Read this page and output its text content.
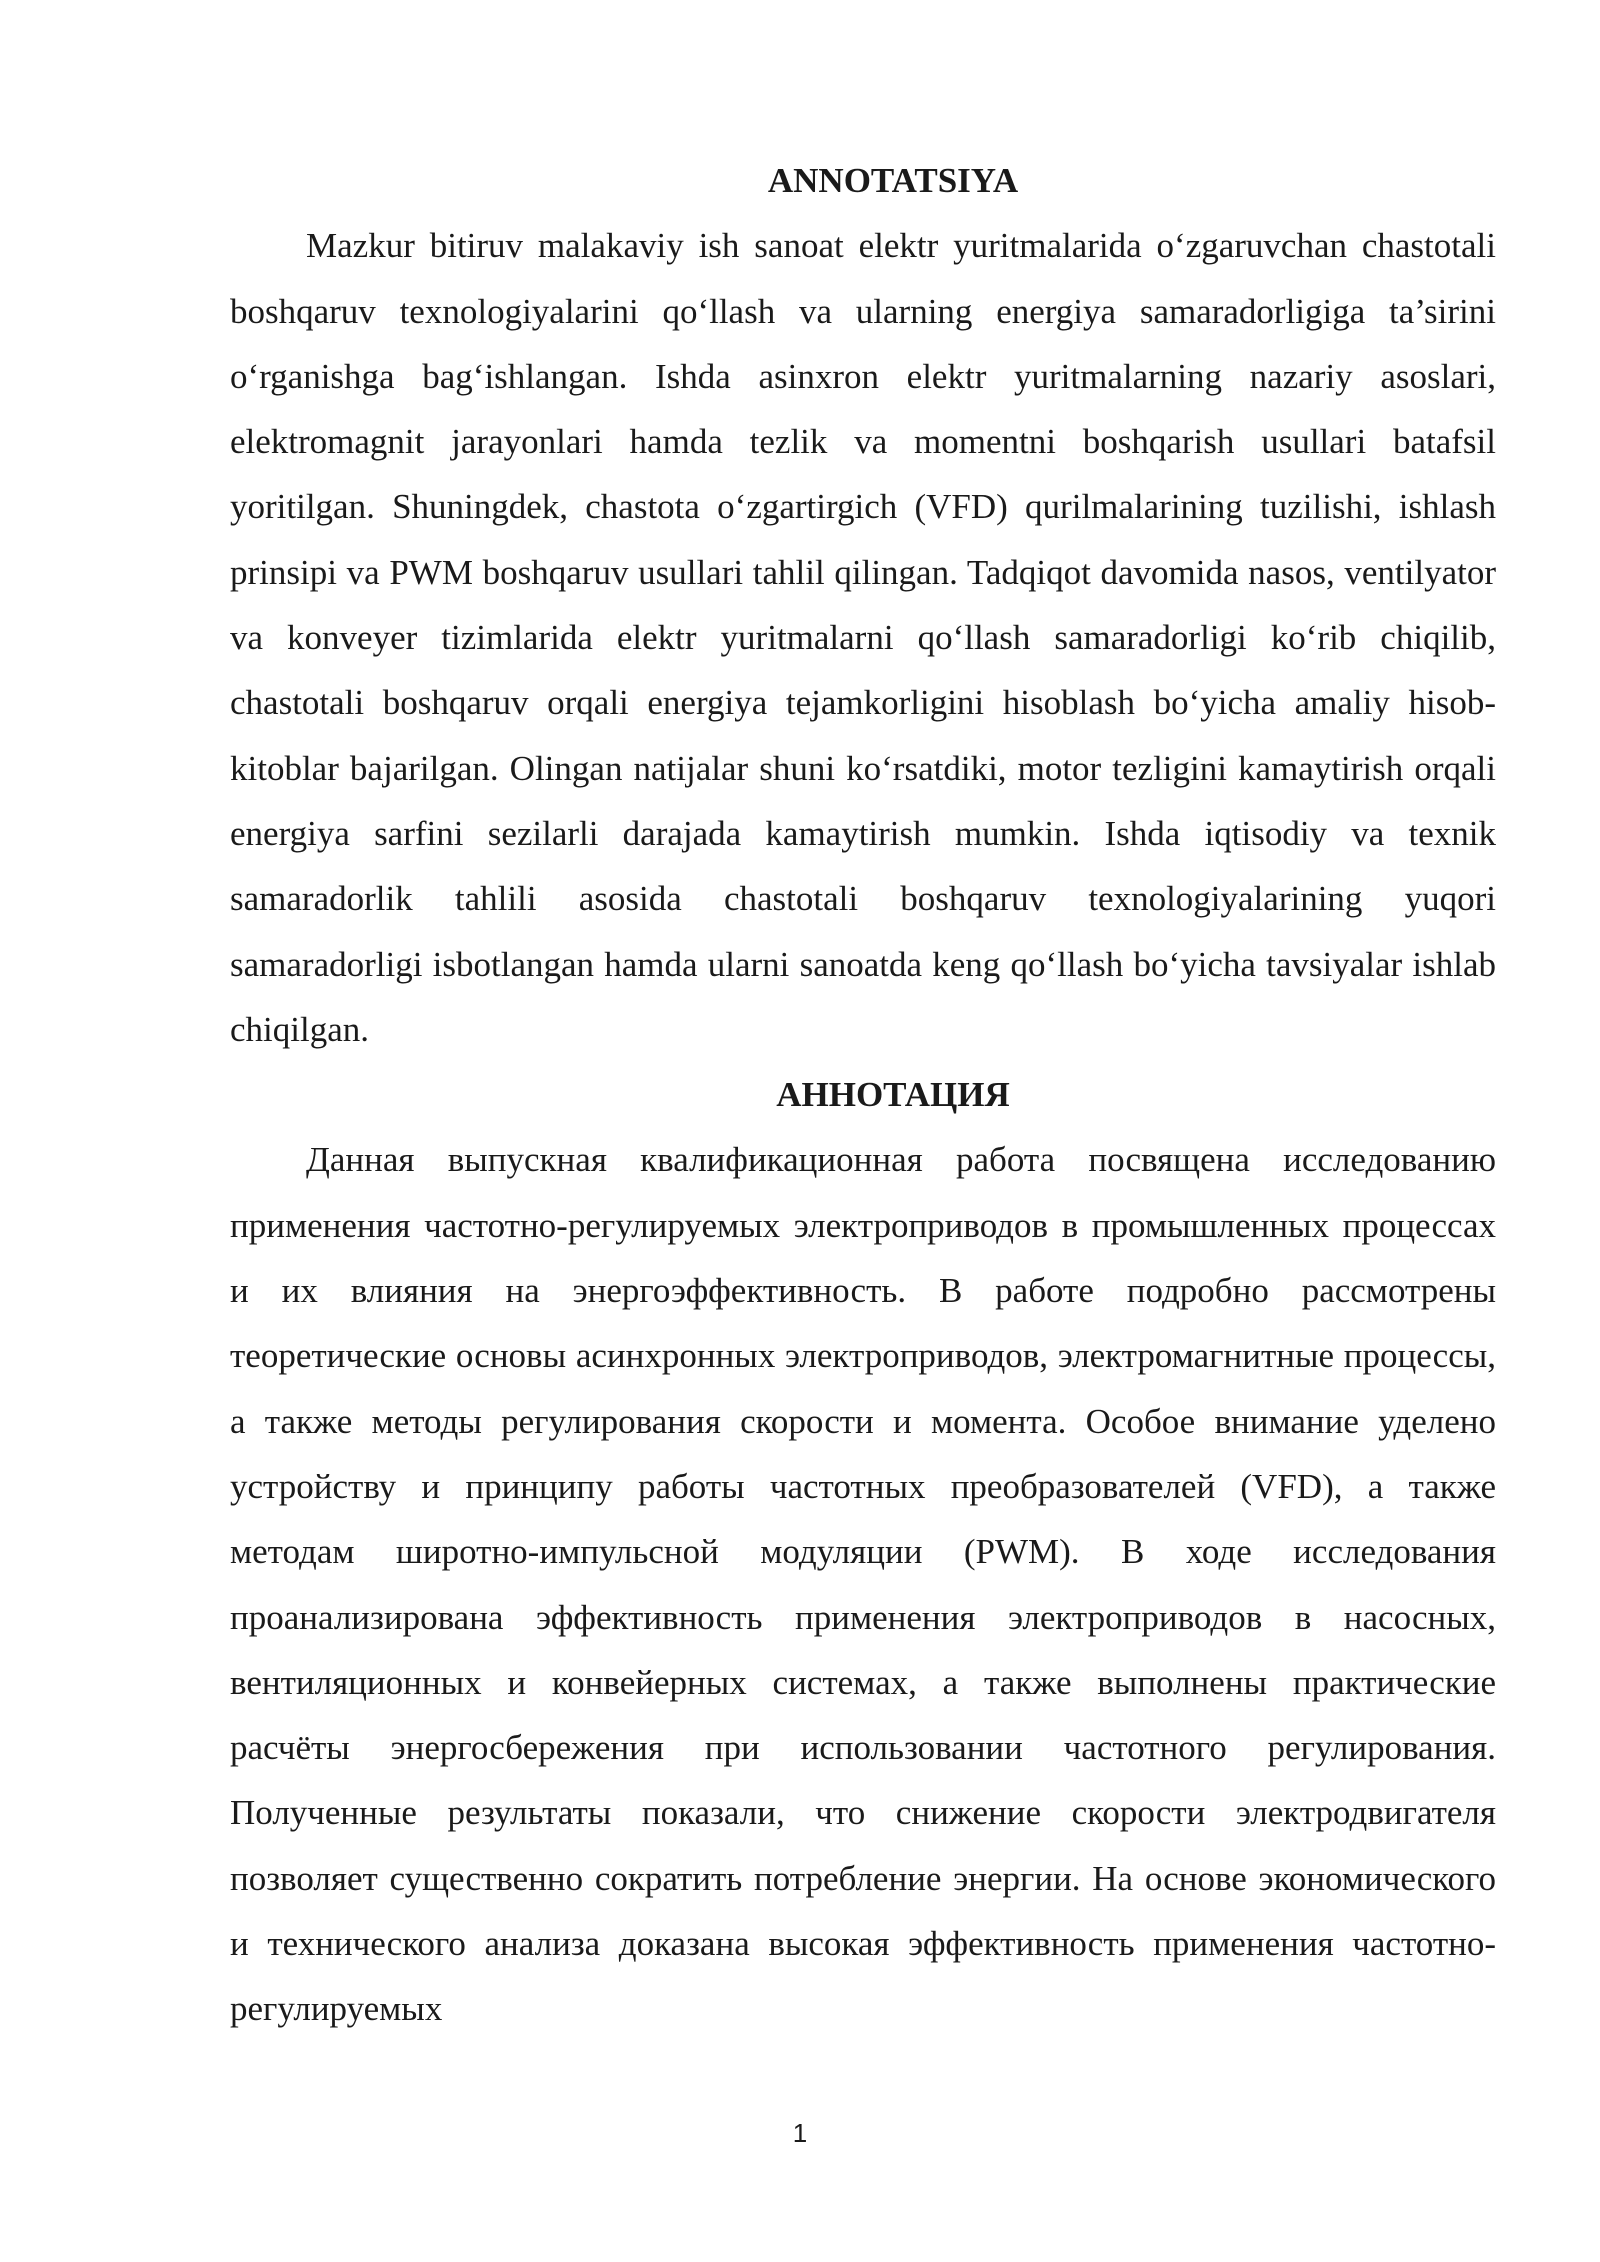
ANNOTATSIYA

Mazkur bitiruv malakaviy ish sanoat elektr yuritmalarida o‘zgaruvchan chastotali boshqaruv texnologiyalarini qo‘llash va ularning energiya samaradorligiga ta’sirini o‘rganishga bag‘ishlangan. Ishda asinxron elektr yuritmalarning nazariy asoslari, elektromagnit jarayonlari hamda tezlik va momentni boshqarish usullari batafsil yoritilgan. Shuningdek, chastota o‘zgartirgich (VFD) qurilmalarining tuzilishi, ishlash prinsipi va PWM boshqaruv usullari tahlil qilingan. Tadqiqot davomida nasos, ventilyator va konveyer tizimlarida elektr yuritmalarni qo‘llash samaradorligi ko‘rib chiqilib, chastotali boshqaruv orqali energiya tejamkorligini hisoblash bo‘yicha amaliy hisob-kitoblar bajarilgan. Olingan natijalar shuni ko‘rsatdiki, motor tezligini kamaytirish orqali energiya sarfini sezilarli darajada kamaytirish mumkin. Ishda iqtisodiy va texnik samaradorlik tahlili asosida chastotali boshqaruv texnologiyalarining yuqori samaradorligi isbotlangan hamda ularni sanoatda keng qo‘llash bo‘yicha tavsiyalar ishlab chiqilgan.

АННОТАЦИЯ

Данная выпускная квалификационная работа посвящена исследованию применения частотно-регулируемых электроприводов в промышленных процессах и их влияния на энергоэффективность. В работе подробно рассмотрены теоретические основы асинхронных электроприводов, электромагнитные процессы, а также методы регулирования скорости и момента. Особое внимание уделено устройству и принципу работы частотных преобразователей (VFD), а также методам широтно-импульсной модуляции (PWM). В ходе исследования проанализирована эффективность применения электроприводов в насосных, вентиляционных и конвейерных системах, а также выполнены практические расчёты энергосбережения при использовании частотного регулирования. Полученные результаты показали, что снижение скорости электродвигателя позволяет существенно сократить потребление энергии. На основе экономического и технического анализа доказана высокая эффективность применения частотно-регулируемых

1
